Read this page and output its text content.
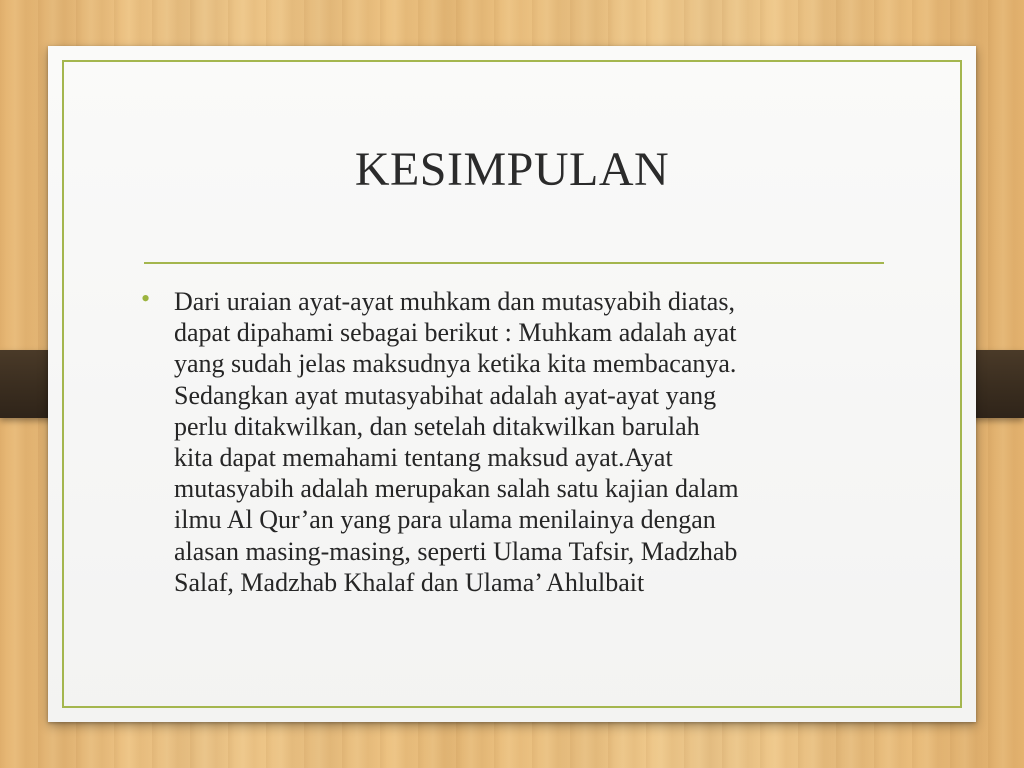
KESIMPULAN
• Dari uraian ayat-ayat muhkam dan mutasyabih diatas,
dapat dipahami sebagai berikut : Muhkam adalah ayat
yang sudah jelas maksudnya ketika kita membacanya.
Sedangkan ayat mutasyabihat adalah ayat-ayat yang
perlu ditakwilkan, dan setelah ditakwilkan barulah
kita dapat memahami tentang maksud ayat.Ayat
mutasyabih adalah merupakan salah satu kajian dalam
ilmu Al Qur’an yang para ulama menilainya dengan
alasan masing-masing, seperti Ulama Tafsir, Madzhab
Salaf, Madzhab Khalaf dan Ulama’ Ahlulbait
